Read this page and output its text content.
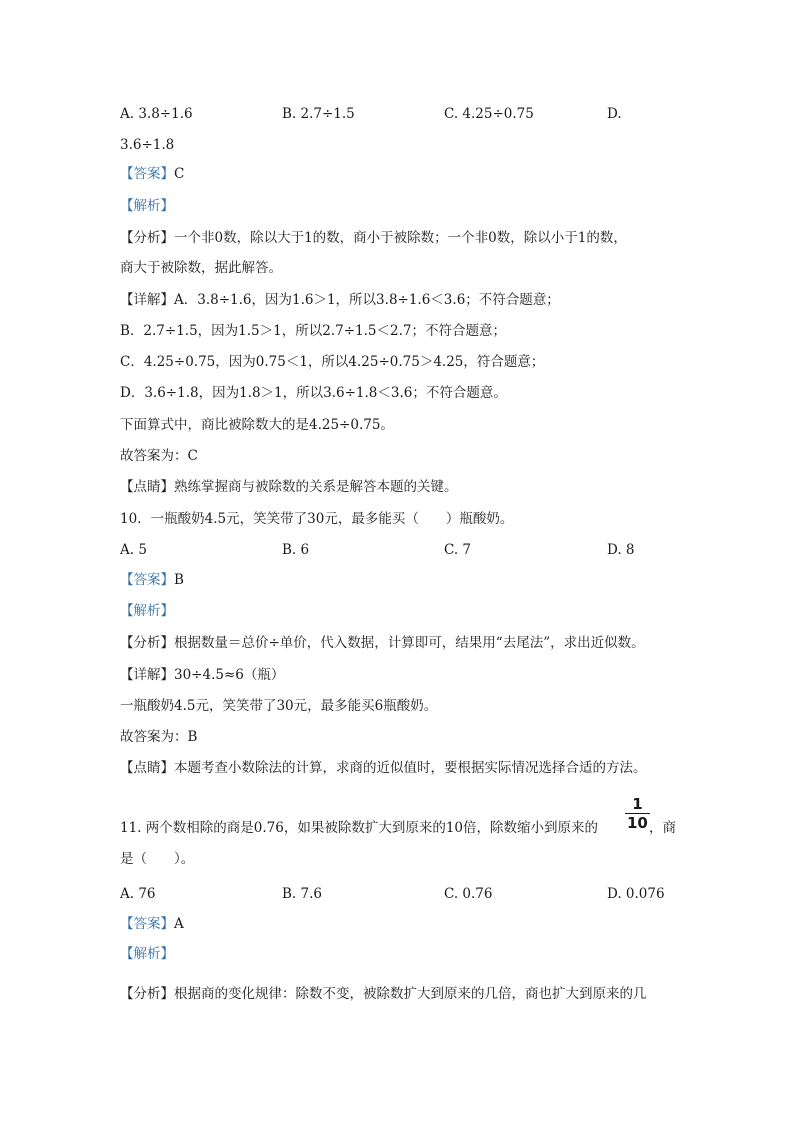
A. 3.8÷1.6	B. 2.7÷1.5	C. 4.25÷0.75	D.
3.6÷1.8
【答案】C
【解析】
【分析】一个非0数，除以大于1的数，商小于被除数；一个非0数，除以小于1的数，
商大于被除数，据此解答。
【详解】A．3.8÷1.6，因为1.6＞1，所以3.8÷1.6＜3.6；不符合题意；
B．2.7÷1.5，因为1.5＞1，所以2.7÷1.5＜2.7；不符合题意；
C．4.25÷0.75，因为0.75＜1，所以4.25÷0.75＞4.25，符合题意；
D．3.6÷1.8，因为1.8＞1，所以3.6÷1.8＜3.6；不符合题意。
下面算式中，商比被除数大的是4.25÷0.75。
故答案为：C
【点睛】熟练掌握商与被除数的关系是解答本题的关键。
10．一瓶酸奶4.5元，笑笑带了30元，最多能买（　　）瓶酸奶。
A. 5	B. 6	C. 7	D. 8
【答案】B
【解析】
【分析】根据数量＝总价÷单价，代入数据，计算即可，结果用“去尾法”，求出近似数。
【详解】30÷4.5≈6（瓶）
一瓶酸奶4.5元，笑笑带了30元，最多能买6瓶酸奶。
故答案为：B
【点睛】本题考查小数除法的计算，求商的近似值时，要根据实际情况选择合适的方法。
11. 两个数相除的商是0.76，如果被除数扩大到原来的10倍，除数缩小到原来的
1
10 ，商
是（　　）。
A. 76	B. 7.6	C. 0.76	D. 0.076
【答案】A
【解析】
【分析】根据商的变化规律：除数不变，被除数扩大到原来的几倍，商也扩大到原来的几
